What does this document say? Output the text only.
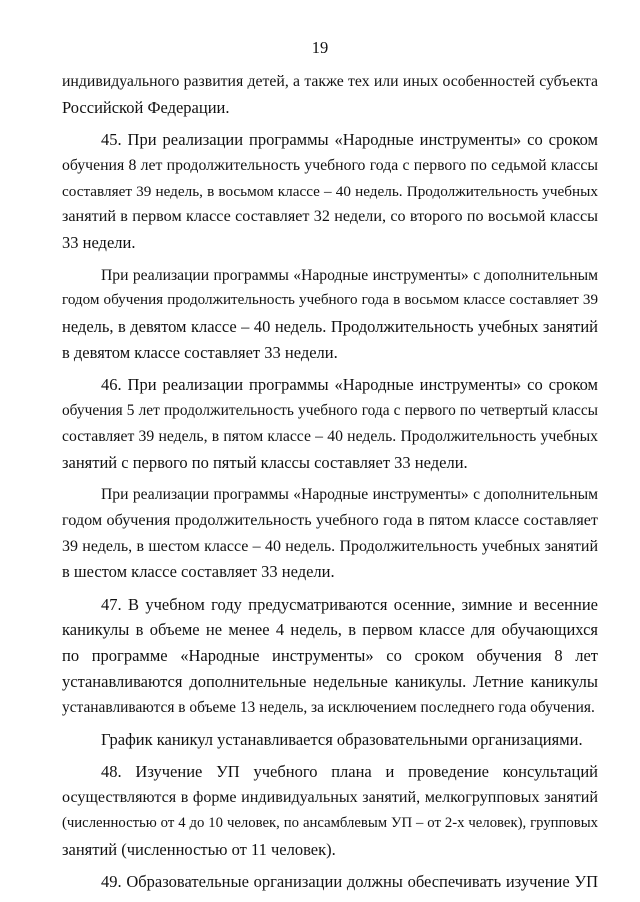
19

индивидуального развития детей, а также тех или иных особенностей субъекта
Российской Федерации.

45. При реализации программы «Народные инструменты» со сроком
обучения 8 лет продолжительность учебного года с первого по седьмой классы
составляет 39 недель, в восьмом классе – 40 недель. Продолжительность учебных
занятий в первом классе составляет 32 недели, со второго по восьмой классы
33 недели.

При реализации программы «Народные инструменты» с дополнительным
годом обучения продолжительность учебного года в восьмом классе составляет 39
недель, в девятом классе – 40 недель. Продолжительность учебных занятий
в девятом классе составляет 33 недели.

46. При реализации программы «Народные инструменты» со сроком
обучения 5 лет продолжительность учебного года с первого по четвертый классы
составляет 39 недель, в пятом классе – 40 недель. Продолжительность учебных
занятий с первого по пятый классы составляет 33 недели.

При реализации программы «Народные инструменты» с дополнительным
годом обучения продолжительность учебного года в пятом классе составляет
39 недель, в шестом классе – 40 недель. Продолжительность учебных занятий
в шестом классе составляет 33 недели.

47. В учебном году предусматриваются осенние, зимние и весенние
каникулы в объеме не менее 4 недель, в первом классе для обучающихся
по программе «Народные инструменты» со сроком обучения 8 лет
устанавливаются дополнительные недельные каникулы. Летние каникулы
устанавливаются в объеме 13 недель, за исключением последнего года обучения.

График каникул устанавливается образовательными организациями.

48. Изучение УП учебного плана и проведение консультаций
осуществляются в форме индивидуальных занятий, мелкогрупповых занятий
(численностью от 4 до 10 человек, по ансамблевым УП – от 2-х человек), групповых
занятий (численностью от 11 человек).

49. Образовательные организации должны обеспечивать изучение УП
